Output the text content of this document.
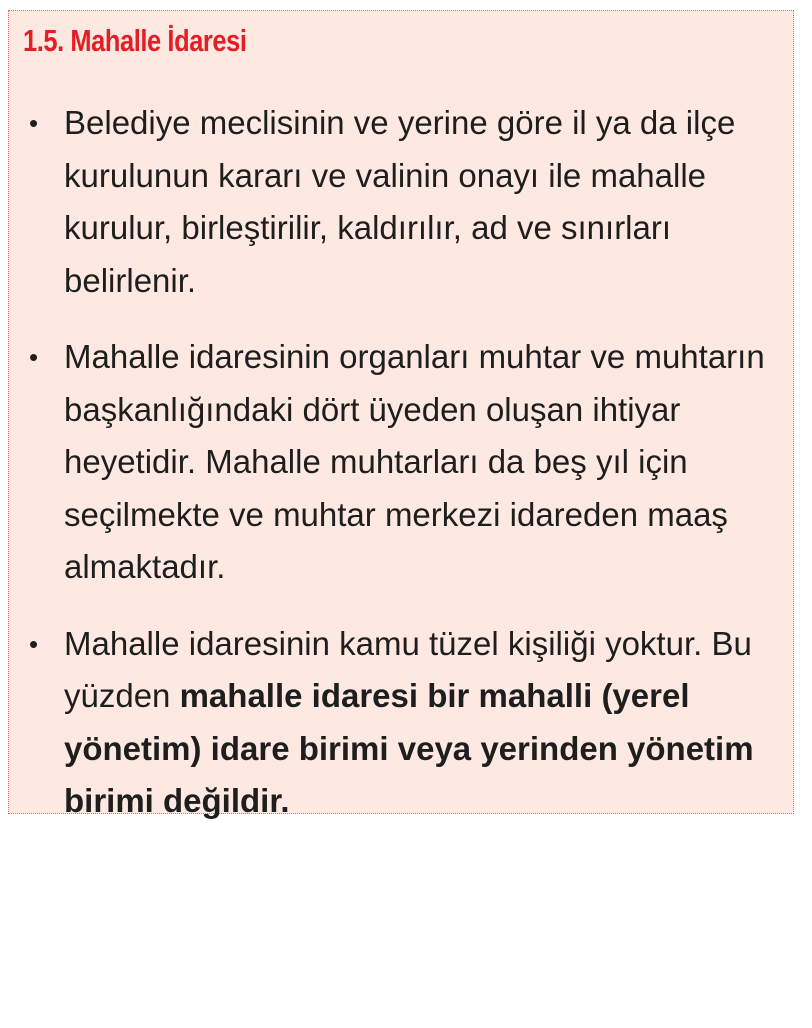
1.5. Mahalle İdaresi
• Belediye meclisinin ve yerine göre il ya da ilçe kurulunun kararı ve valinin onayı ile mahalle kurulur, birleştirilir, kaldırılır, ad ve sınırları belirlenir.
• Mahalle idaresinin organları muhtar ve muhtarın başkanlığındaki dört üyeden oluşan ihtiyar heyetidir. Mahalle muhtarları da beş yıl için seçilmekte ve muhtar merkezi idareden maaş almaktadır.
• Mahalle idaresinin kamu tüzel kişiliği yoktur. Bu yüzden mahalle idaresi bir mahalli (yerel yönetim) idare birimi veya yerinden yönetim birimi değildir.
